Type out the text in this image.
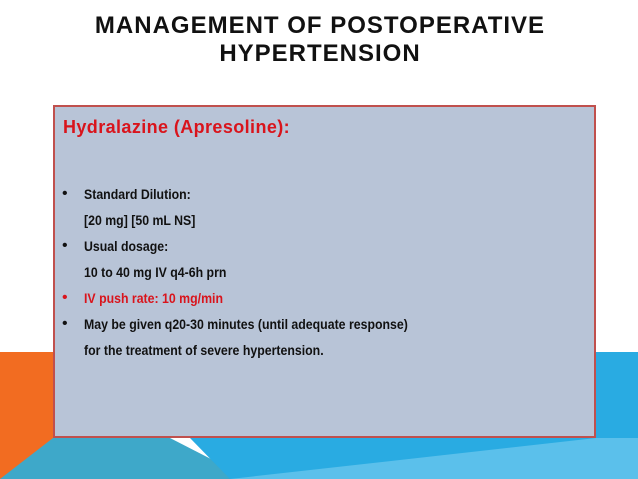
MANAGEMENT OF POSTOPERATIVE
HYPERTENSION
Hydralazine (Apresoline):
• Standard Dilution:
[20 mg] [50 mL NS]
• Usual dosage:
10 to 40 mg IV q4-6h prn
• IV push rate: 10 mg/min
• May be given q20-30 minutes (until adequate response)
for the treatment of severe hypertension.
